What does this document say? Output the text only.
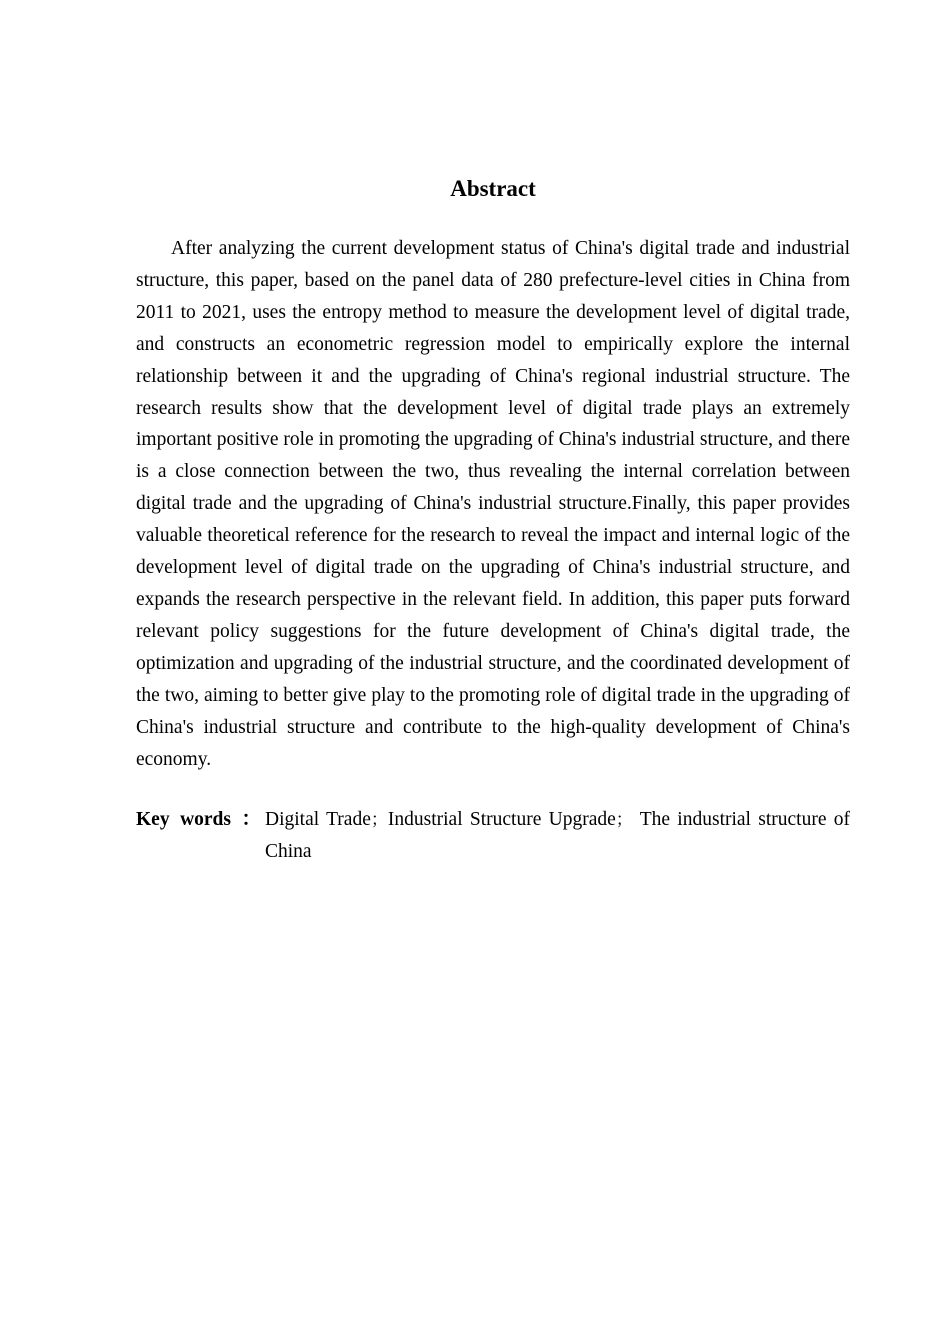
Abstract

After analyzing the current development status of China's digital trade and industrial structure, this paper, based on the panel data of 280 prefecture-level cities in China from 2011 to 2021, uses the entropy method to measure the development level of digital trade, and constructs an econometric regression model to empirically explore the internal relationship between it and the upgrading of China's regional industrial structure. The research results show that the development level of digital trade plays an extremely important positive role in promoting the upgrading of China's industrial structure, and there is a close connection between the two, thus revealing the internal correlation between digital trade and the upgrading of China's industrial structure.Finally, this paper provides valuable theoretical reference for the research to reveal the impact and internal logic of the development level of digital trade on the upgrading of China's industrial structure, and expands the research perspective in the relevant field. In addition, this paper puts forward relevant policy suggestions for the future development of China's digital trade, the optimization and upgrading of the industrial structure, and the coordinated development of the two, aiming to better give play to the promoting role of digital trade in the upgrading of China's industrial structure and contribute to the high-quality development of China's economy.

Key words ： Digital Trade；Industrial Structure Upgrade； The industrial structure of China
